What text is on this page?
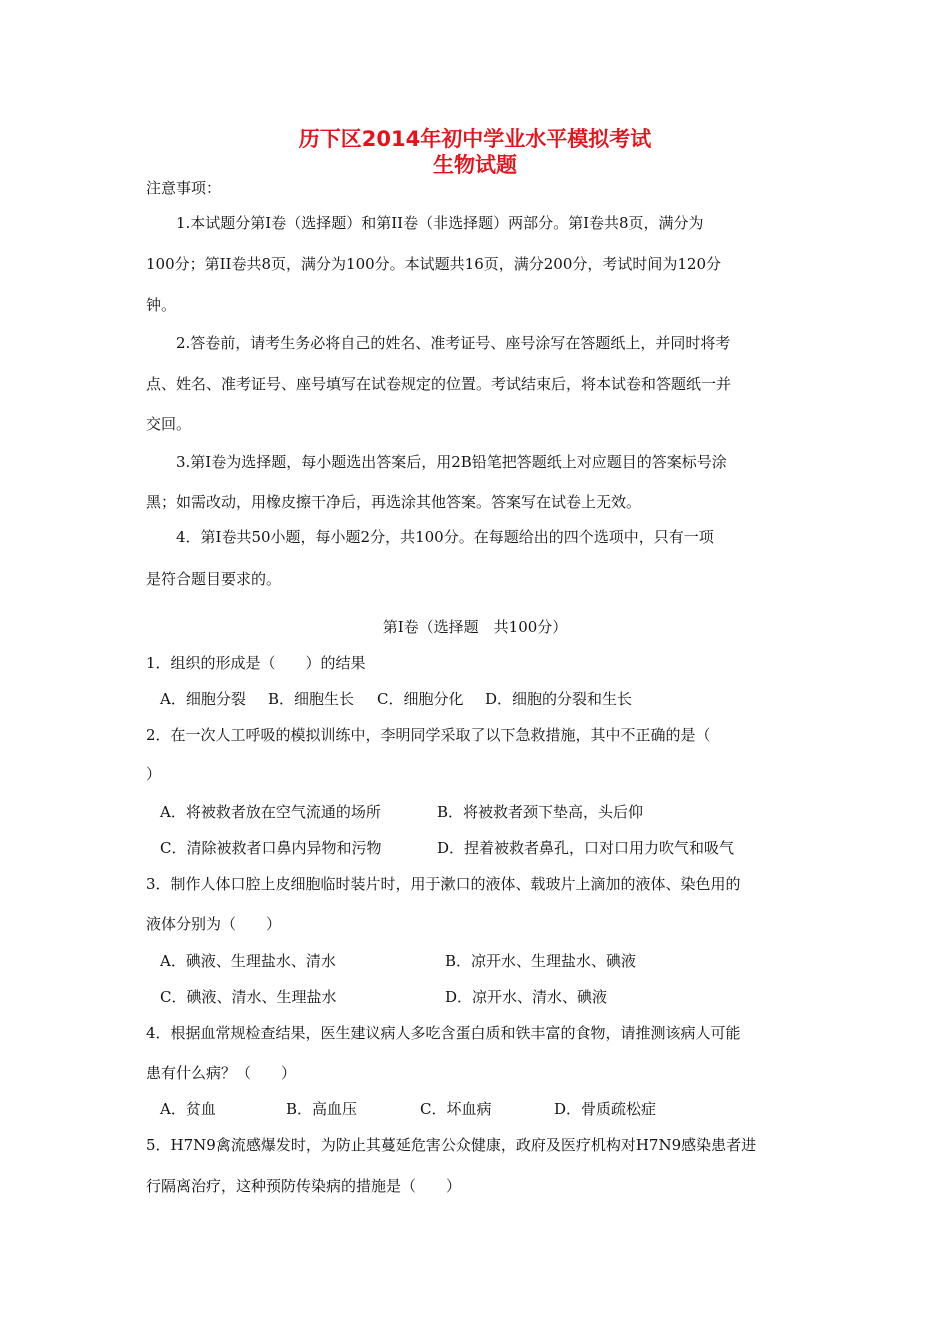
历下区2014年初中学业水平模拟考试
生物试题
注意事项：
1.本试题分第Ⅰ卷（选择题）和第II卷（非选择题）两部分。第Ⅰ卷共8页，满分为
100分；第II卷共8页，满分为100分。本试题共16页，满分200分，考试时间为120分
钟。
2.答卷前，请考生务必将自己的姓名、准考证号、座号涂写在答题纸上，并同时将考
点、姓名、准考证号、座号填写在试卷规定的位置。考试结束后，将本试卷和答题纸一并
交回。
3.第Ⅰ卷为选择题，每小题选出答案后，用2B铅笔把答题纸上对应题目的答案标号涂
黑；如需改动，用橡皮擦干净后，再选涂其他答案。答案写在试卷上无效。
4．第Ⅰ卷共50小题，每小题2分，共100分。在每题给出的四个选项中，只有一项
是符合题目要求的。
第Ⅰ卷（选择题　共100分）
1．组织的形成是（　　）的结果
A．细胞分裂 B．细胞生长 C．细胞分化 D．细胞的分裂和生长
2．在一次人工呼吸的模拟训练中，李明同学采取了以下急救措施，其中不正确的是（
）
A．将被救者放在空气流通的场所	B．将被救者颈下垫高，头后仰
C．清除被救者口鼻内异物和污物	D．捏着被救者鼻孔，口对口用力吹气和吸气
3．制作人体口腔上皮细胞临时装片时，用于漱口的液体、载玻片上滴加的液体、染色用的
液体分别为（　　）
A．碘液、生理盐水、清水	B．凉开水、生理盐水、碘液
C．碘液、清水、生理盐水	D．凉开水、清水、碘液
4．根据血常规检查结果，医生建议病人多吃含蛋白质和铁丰富的食物，请推测该病人可能
患有什么病？（　　）
A．贫血	B．高血压	C．坏血病	D．骨质疏松症
5．H7N9禽流感爆发时，为防止其蔓延危害公众健康，政府及医疗机构对H7N9感染患者进
行隔离治疗，这种预防传染病的措施是（　　）
